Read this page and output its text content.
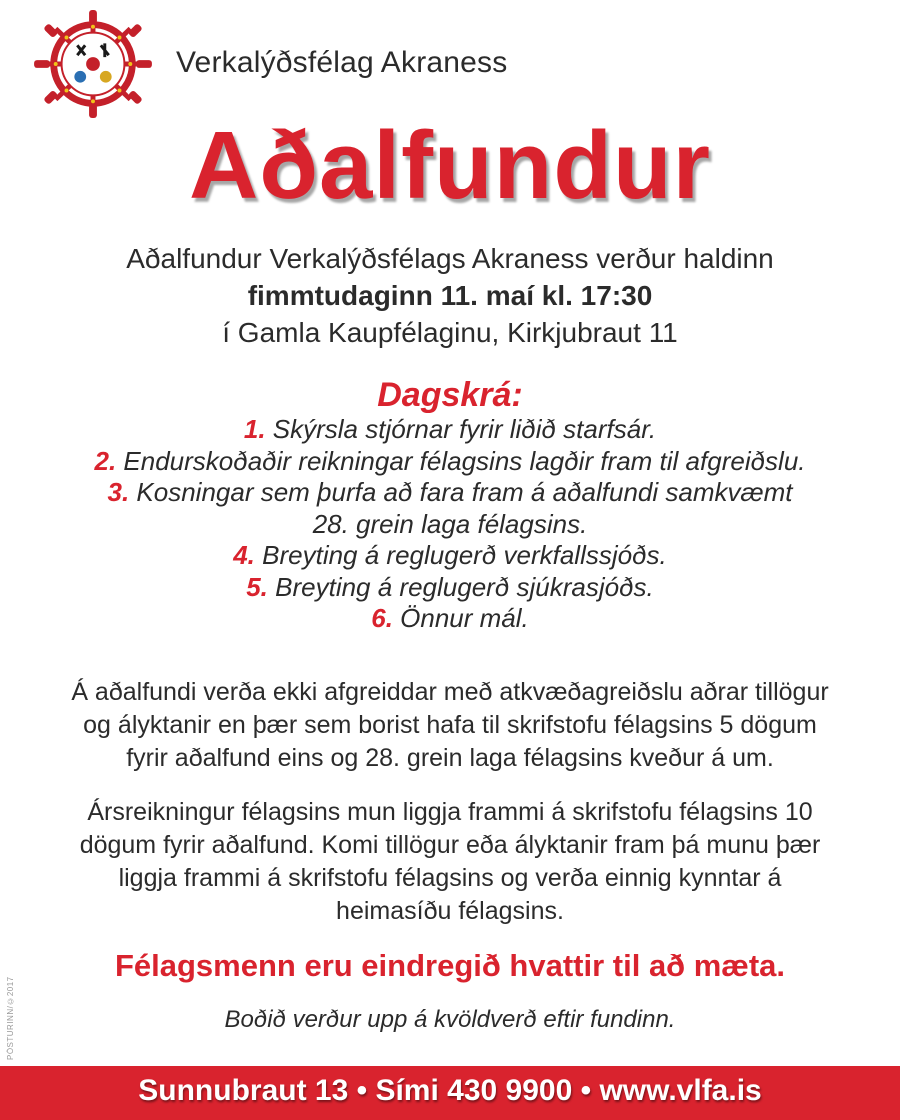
Verkalýðsfélag Akraness
Aðalfundur
Aðalfundur Verkalýðsfélags Akraness verður haldinn
fimmtudaginn 11. maí kl. 17:30
í Gamla Kaupfélaginu, Kirkjubraut 11
Dagskrá:
1. Skýrsla stjórnar fyrir liðið starfsár.
2. Endurskoðaðir reikningar félagsins lagðir fram til afgreiðslu.
3. Kosningar sem þurfa að fara fram á aðalfundi samkvæmt
28. grein laga félagsins.
4. Breyting á reglugerð verkfallssjóðs.
5. Breyting á reglugerð sjúkrasjóðs.
6. Önnur mál.
Á aðalfundi verða ekki afgreiddar með atkvæðagreiðslu aðrar tillögur
og ályktanir en þær sem borist hafa til skrifstofu félagsins 5 dögum
fyrir aðalfund eins og 28. grein laga félagsins kveður á um.
Ársreikningur félagsins mun liggja frammi á skrifstofu félagsins 10
dögum fyrir aðalfund. Komi tillögur eða ályktanir fram þá munu þær
liggja frammi á skrifstofu félagsins og verða einnig kynntar á
heimasíðu félagsins.
Félagsmenn eru eindregið hvattir til að mæta.
Boðið verður upp á kvöldverð eftir fundinn.
PÓSTURINN/©2017
Sunnubraut 13 • Sími 430 9900 • www.vlfa.is
